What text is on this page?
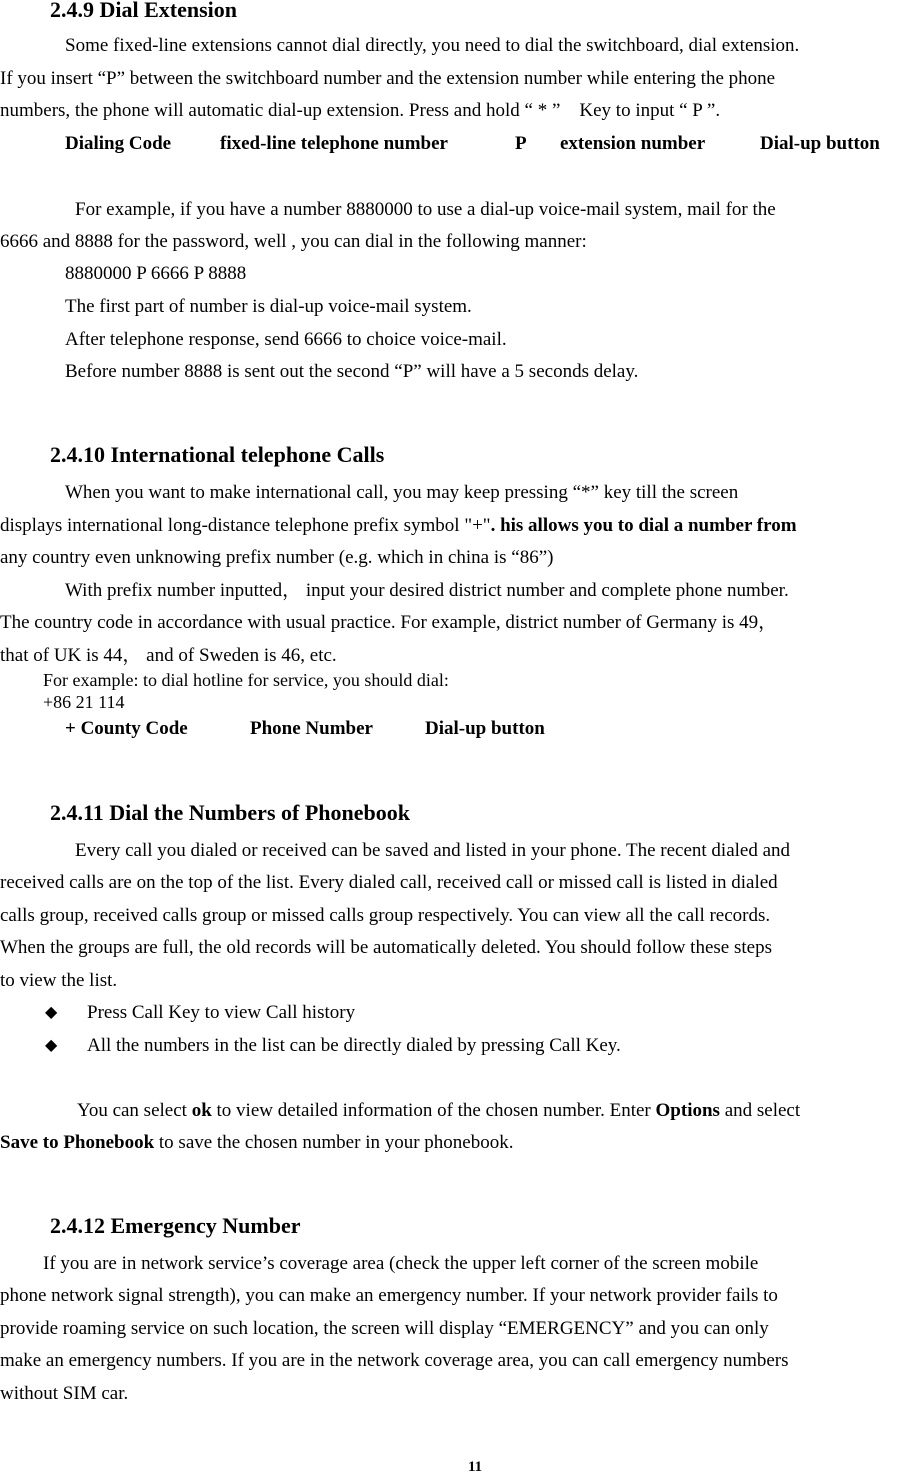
2.4.9 Dial Extension
Some fixed-line extensions cannot dial directly, you need to dial the switchboard, dial extension.
If you insert “P” between the switchboard number and the extension number while entering the phone
numbers, the phone will automatic dial-up extension. Press and hold “ * ”    Key to input “ P ”.
Dialing Code	fixed-line telephone number	P extension number	Dial-up button
For example, if you have a number 8880000 to use a dial-up voice-mail system, mail for the
6666 and 8888 for the password, well , you can dial in the following manner:
8880000 P 6666 P 8888
The first part of number is dial-up voice-mail system.
After telephone response, send 6666 to choice voice-mail.
Before number 8888 is sent out the second “P” will have a 5 seconds delay.
2.4.10 International telephone Calls
When you want to make international call, you may keep pressing “*” key till the screen
displays international long-distance telephone prefix symbol "+". his allows you to dial a number from
any country even unknowing prefix number (e.g. which in china is “86”)
With prefix number inputted， input your desired district number and complete phone number.
The country code in accordance with usual practice. For example, district number of Germany is 49，
that of UK is 44， and of Sweden is 46, etc.
For example: to dial hotline for service, you should dial:
+86 21 114
+ County Code	Phone Number	Dial-up button
2.4.11 Dial the Numbers of Phonebook
Every call you dialed or received can be saved and listed in your phone. The recent dialed and
received calls are on the top of the list. Every dialed call, received call or missed call is listed in dialed
calls group, received calls group or missed calls group respectively. You can view all the call records.
When the groups are full, the old records will be automatically deleted. You should follow these steps
to view the list.
◆ Press Call Key to view Call history
◆ All the numbers in the list can be directly dialed by pressing Call Key.
You can select ok to view detailed information of the chosen number. Enter Options and select
Save to Phonebook to save the chosen number in your phonebook.
2.4.12 Emergency Number
If you are in network service’s coverage area (check the upper left corner of the screen mobile
phone network signal strength), you can make an emergency number. If your network provider fails to
provide roaming service on such location, the screen will display “EMERGENCY” and you can only
make an emergency numbers. If you are in the network coverage area, you can call emergency numbers
without SIM car.
11
